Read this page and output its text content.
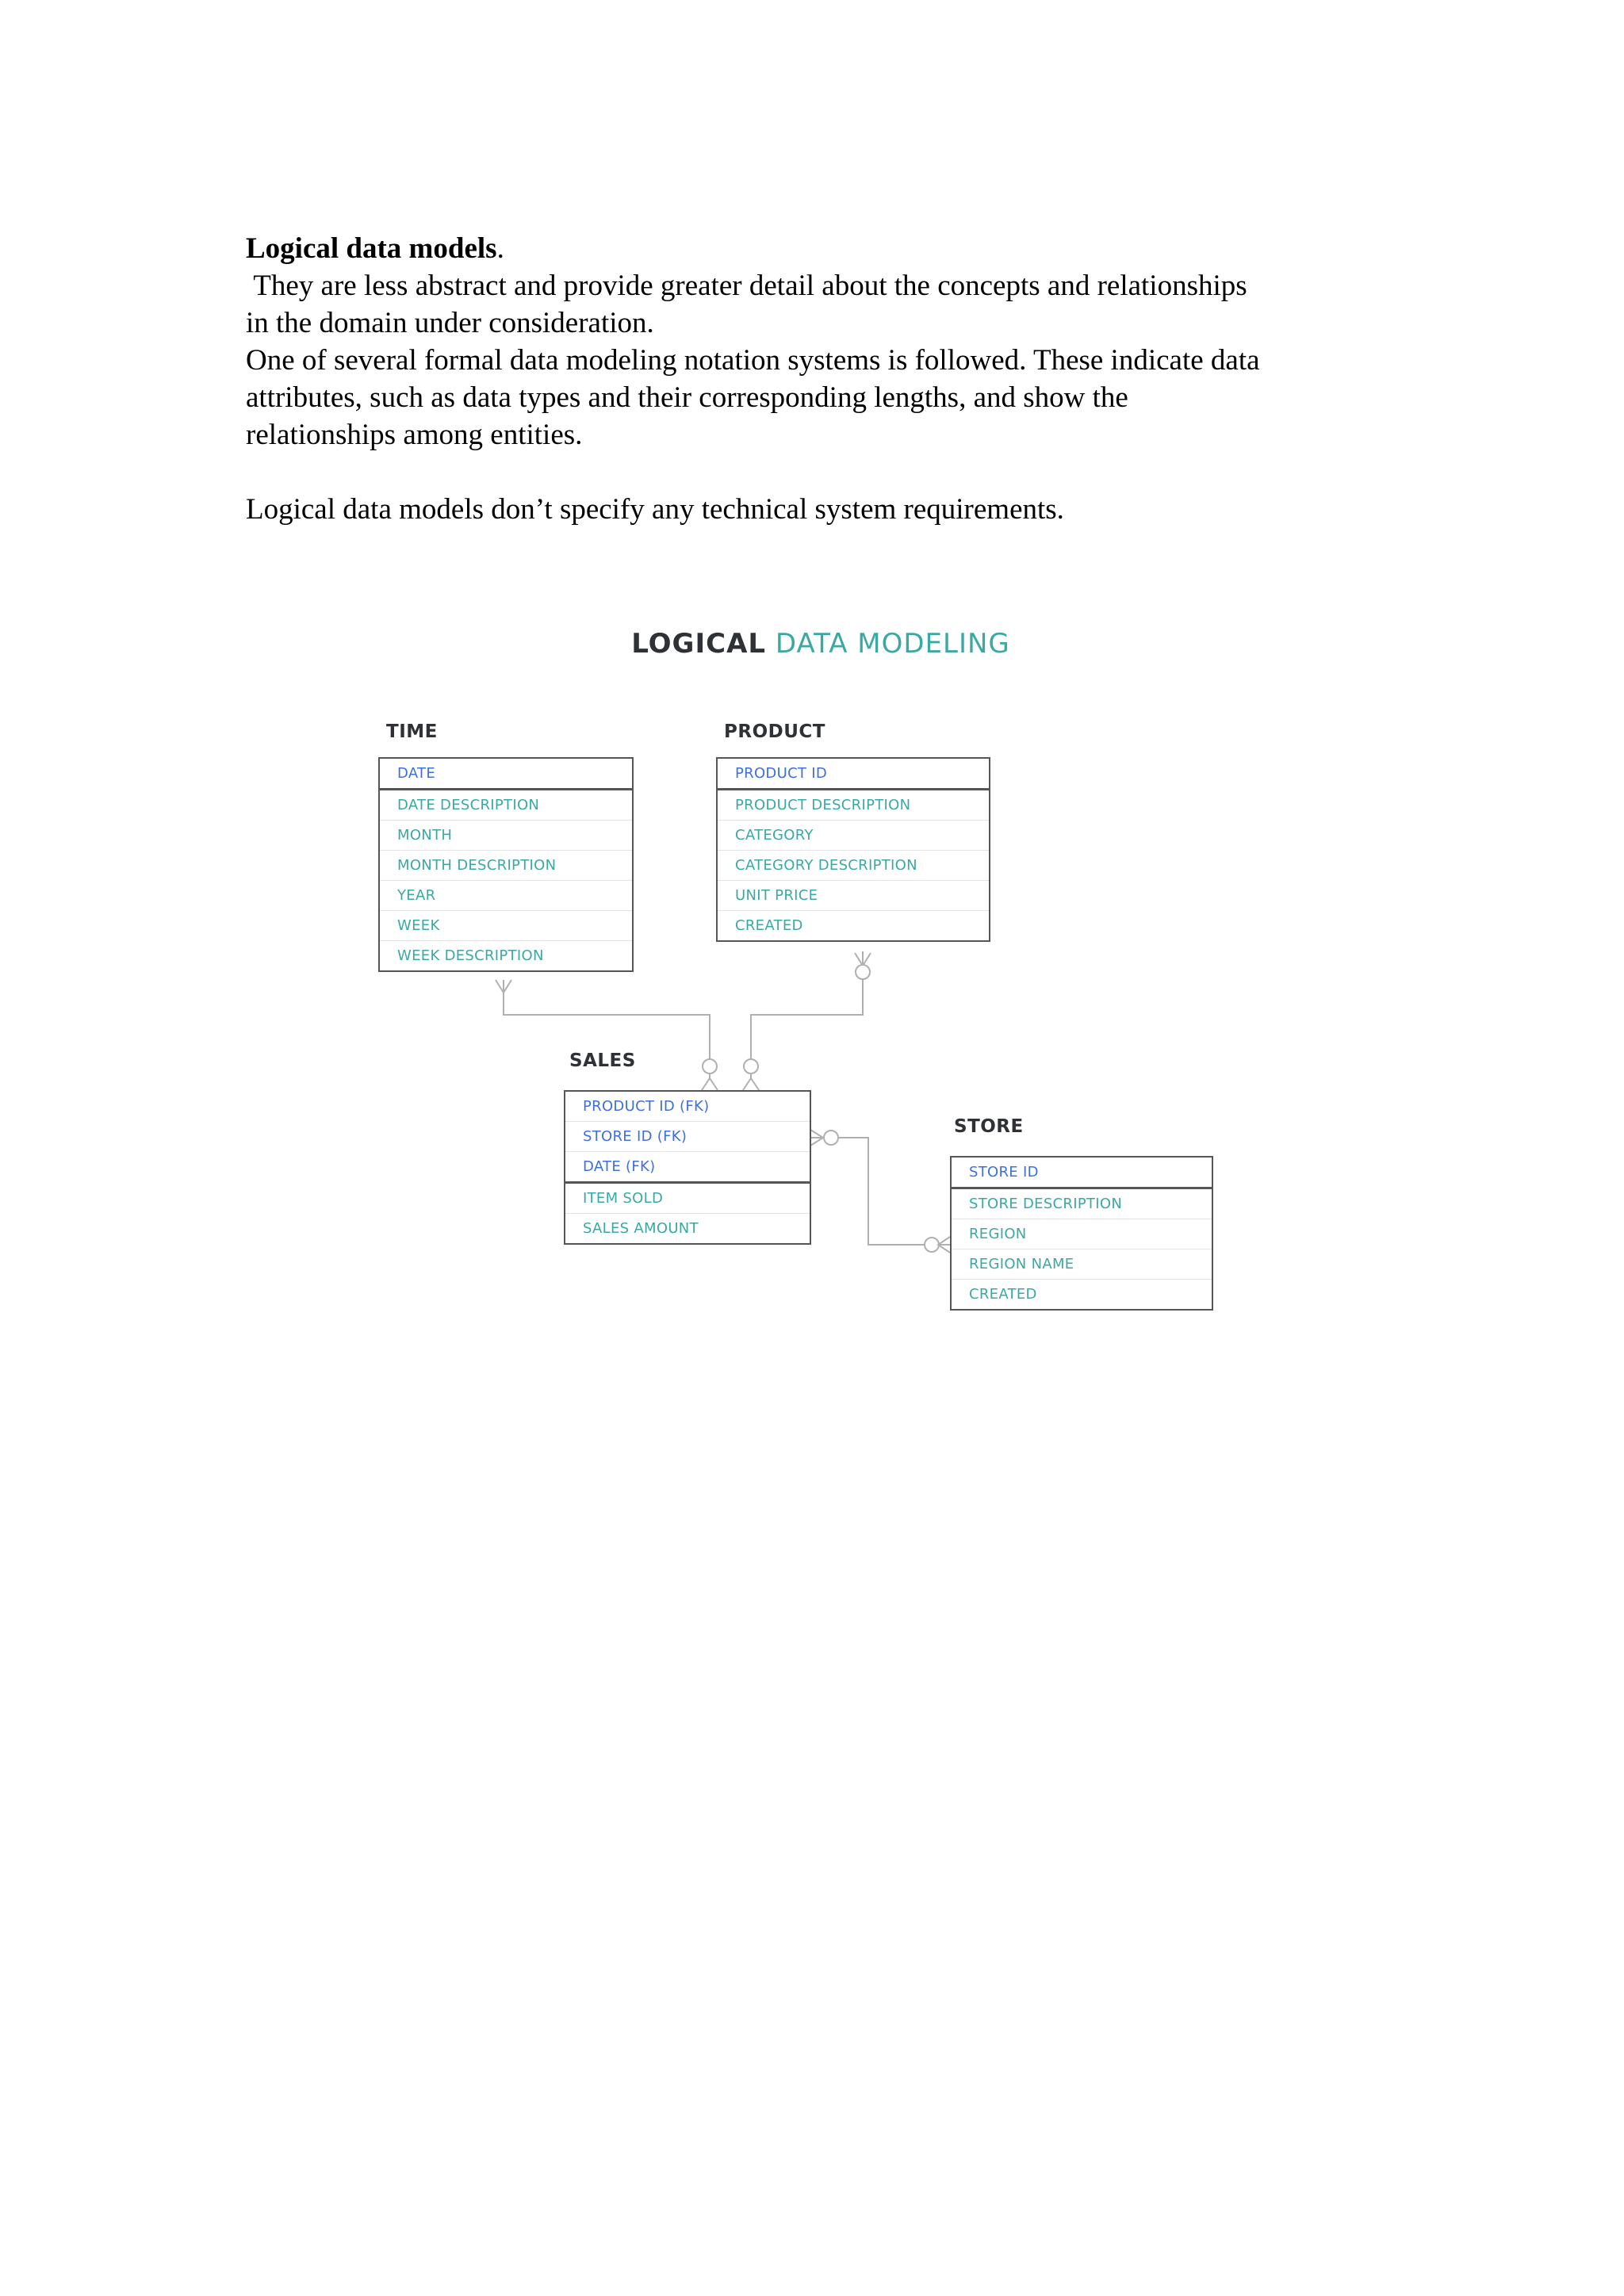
Logical data models.

They are less abstract and provide greater detail about the concepts and relationships

in the domain under consideration.

One of several formal data modeling notation systems is followed. These indicate data

attributes, such as data types and their corresponding lengths, and show the

relationships among entities.

Logical data models don’t specify any technical system requirements.

LOGICAL DATA MODELING
TIME
DATE
DATE DESCRIPTION
MONTH
MONTH DESCRIPTION
YEAR
WEEK
WEEK DESCRIPTION
PRODUCT
PRODUCT ID
PRODUCT DESCRIPTION
CATEGORY
CATEGORY DESCRIPTION
UNIT PRICE
CREATED
SALES
PRODUCT ID (FK)
STORE ID (FK)
DATE (FK)
ITEM SOLD
SALES AMOUNT
STORE
STORE ID
STORE DESCRIPTION
REGION
REGION NAME
CREATED
